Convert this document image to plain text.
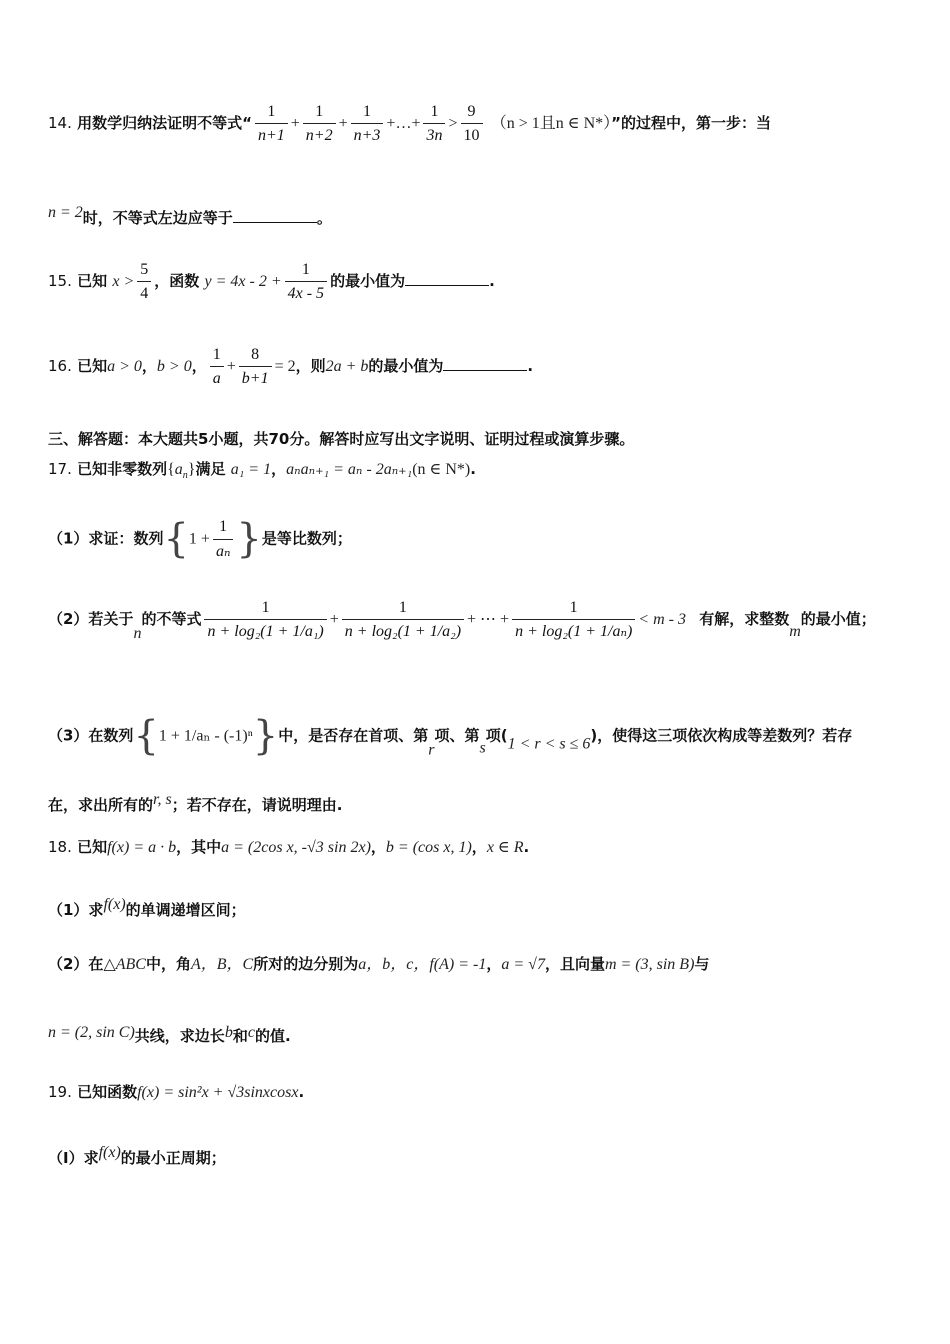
14. 用数学归纳法证明不等式“ $\frac{1}{n+1} + \frac{1}{n+2} + \frac{1}{n+3}$ +…+ $\frac{1}{3n} > \frac{9}{10} (n > 1$且n ∈ N*）”的过程中，第一步：当
n = 2时，不等式左边应等于	。
15. 已知 $x > \frac{5}{4}$ ，函数 $y = 4x - 2 + \frac{1}{4x - 5}$ 的最小值为	.
16. 已知a > 0，b > 0， $\frac{1}{a} + \frac{8}{b+1} = 2$，则2a + b的最小值为	.
三、解答题：本大题共5小题，共70分。解答时应写出文字说明、证明过程或演算步骤。
17. 已知非零数列$\{a_n\}$满足 a₁ = 1，aₙaₙ₊₁ = aₙ - 2aₙ₊₁(n ∈ N*).
（1）求证：数列{$1 + \frac{1}{\text{aₙ}}$ }是等比数列；
（2）若关于n的不等式 $\frac{1}{\text{n + log₂(1 + 1/a₁)}} + \frac{1}{\text{n + log₂(1 + 1/a₂)}}$ + ⋯ + $\frac{1}{\text{n + log₂(1 + 1/aₙ)}} < m - 3$ 有解，求整数m的最小值；
（3）在数列{1 + 1/aₙ - (-1)ⁿ}中，是否存在首项、第r项、第s项(1 < r < s ≤ 6)，使得这三项依次构成等差数列？若存
在，求出所有的r, s；若不存在，请说明理由.
18. 已知f(x) = a · b，其中a = (2cos x, -√3 sin 2x)，b = (cos x, 1)，x ∈ R.
（1）求f(x)的单调递增区间；
（2）在△ABC中，角A，B，C所对的边分别为a，b，c，f(A) = -1，a = √7，且向量m = (3, sin B)与
n = (2, sin C)共线，求边长b和c的值.
19. 已知函数f(x) = sin²x + √3sinxcosx.
（Ⅰ）求f(x)的最小正周期；
